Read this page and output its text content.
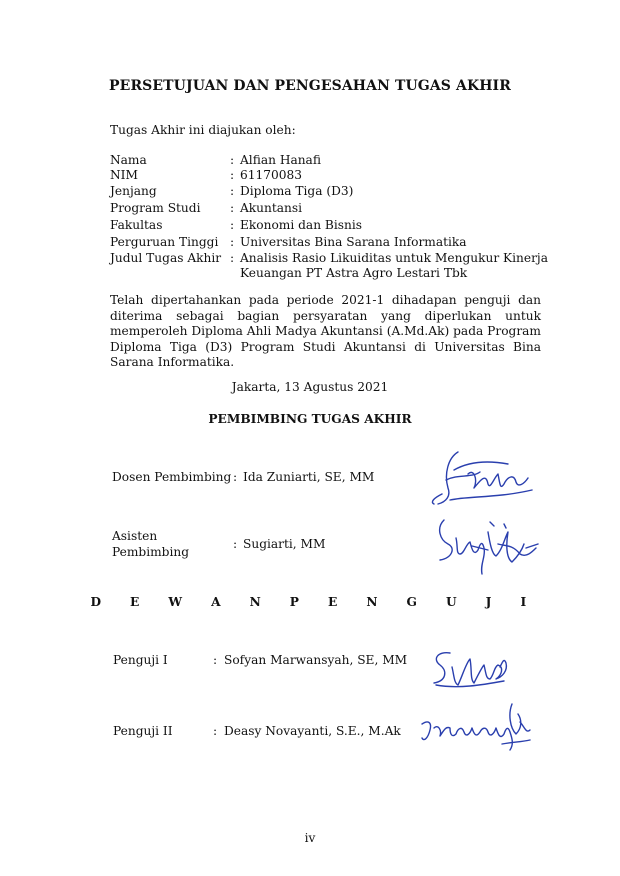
PERSETUJUAN DAN PENGESAHAN TUGAS AKHIR
Tugas Akhir ini diajukan oleh:
Nama	: Alfian Hanafi
NIM	: 61170083
Jenjang	: Diploma Tiga (D3)
Program Studi : Akuntansi
Fakultas	: Ekonomi dan Bisnis
Perguruan Tinggi : Universitas Bina Sarana Informatika
Judul Tugas Akhir : Analisis Rasio Likuiditas untuk Mengukur Kinerja
Keuangan PT Astra Agro Lestari Tbk
Telah dipertahankan pada periode 2021-1 dihadapan penguji dan diterima sebagai bagian persyaratan yang diperlukan untuk memperoleh Diploma Ahli Madya Akuntansi (A.Md.Ak) pada Program Diploma Tiga (D3) Program Studi Akuntansi di Universitas Bina Sarana Informatika.
Jakarta, 13 Agustus 2021
PEMBIMBING TUGAS AKHIR
Dosen Pembimbing : Ida Zuniarti, SE, MM
Asisten
Pembimbing
: Sugiarti, MM
D E W A N P E N G U J I
Penguji I	: Sofyan Marwansyah, SE, MM
Penguji II	: Deasy Novayanti, S.E., M.Ak
iv
